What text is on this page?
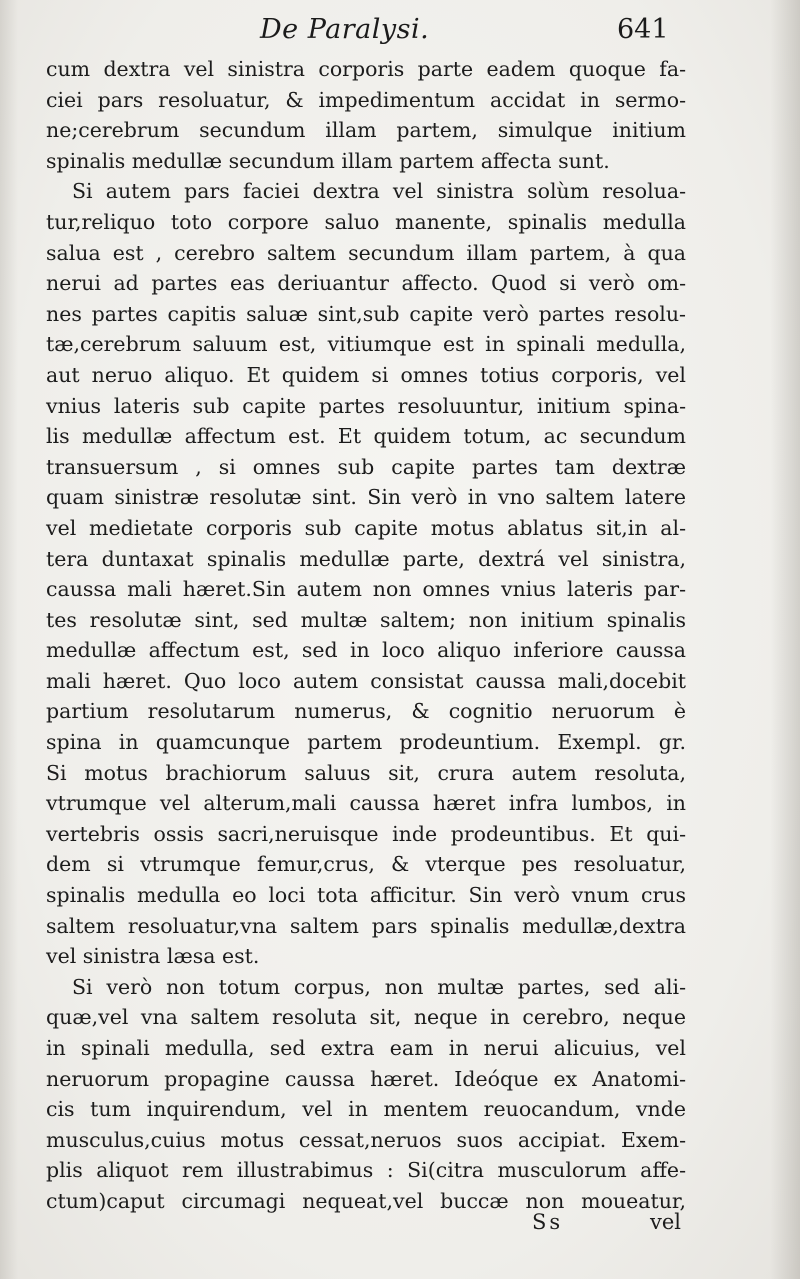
De Paralysi.	641
cum dextra vel sinistra corporis parte eadem quoque fa-
ciei pars resoluatur, & impedimentum accidat in sermo-
ne;cerebrum secundum illam partem, simulque initium
spinalis medullæ secundum illam partem affecta sunt.
Si autem pars faciei dextra vel sinistra solùm resolua-
tur,reliquo toto corpore saluo manente, spinalis medulla
salua est , cerebro saltem secundum illam partem, à qua
nerui ad partes eas deriuantur affecto. Quod si verò om-
nes partes capitis saluæ sint,sub capite verò partes resolu-
tæ,cerebrum saluum est, vitiumque est in spinali medulla,
aut neruo aliquo. Et quidem si omnes totius corporis, vel
vnius lateris sub capite partes resoluuntur, initium spina-
lis medullæ affectum est. Et quidem totum, ac secundum
transuersum , si omnes sub capite partes tam dextræ
quam sinistræ resolutæ sint. Sin verò in vno saltem latere
vel medietate corporis sub capite motus ablatus sit,in al-
tera duntaxat spinalis medullæ parte, dextrá vel sinistra,
caussa mali hæret.Sin autem non omnes vnius lateris par-
tes resolutæ sint, sed multæ saltem; non initium spinalis
medullæ affectum est, sed in loco aliquo inferiore caussa
mali hæret. Quo loco autem consistat caussa mali,docebit
partium resolutarum numerus, & cognitio neruorum è
spina in quamcunque partem prodeuntium. Exempl. gr.
Si motus brachiorum saluus sit, crura autem resoluta,
vtrumque vel alterum,mali caussa hæret infra lumbos, in
vertebris ossis sacri,neruisque inde prodeuntibus. Et qui-
dem si vtrumque femur,crus, & vterque pes resoluatur,
spinalis medulla eo loci tota afficitur. Sin verò vnum crus
saltem resoluatur,vna saltem pars spinalis medullæ,dextra
vel sinistra læsa est.
Si verò non totum corpus, non multæ partes, sed ali-
quæ,vel vna saltem resoluta sit, neque in cerebro, neque
in spinali medulla, sed extra eam in nerui alicuius, vel
neruorum propagine caussa hæret. Ideóque ex Anatomi-
cis tum inquirendum, vel in mentem reuocandum, vnde
musculus,cuius motus cessat,neruos suos accipiat. Exem-
plis aliquot rem illustrabimus : Si(citra musculorum affe-
ctum)caput circumagi nequeat,vel buccæ non moueatur,
Ss	vel
